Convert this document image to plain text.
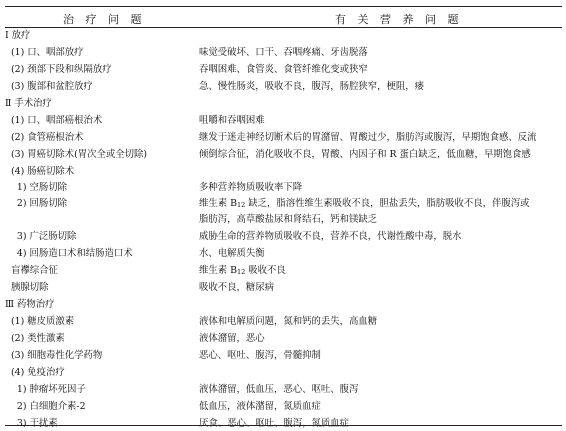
治 疗 问 题	有 关 营 养 问 题
Ⅰ 放疗
(1) 口、咽部放疗	味觉受破坏、口干、吞咽疼痛、牙齿脱落
(2) 颈部下段和纵隔放疗	吞咽困难、食管炎、食管纤维化变或狭窄
(3) 腹部和盆腔放疗	急、慢性肠炎，吸收不良，腹泻，肠腔狭窄，梗阻，瘘
Ⅱ 手术治疗
(1) 口、咽部癌根治术	咀嚼和吞咽困难
(2) 食管癌根治术	继发于迷走神经切断术后的胃潴留、胃酸过少，脂肪泻或腹泻，早期饱食感、反流
(3) 胃癌切除术(胃次全或全切除)	倾倒综合征，消化吸收不良，胃酸、内因子和 R 蛋白缺乏，低血糖，早期饱食感
(4) 肠癌切除术
1) 空肠切除	多种营养物质吸收率下降
2) 回肠切除	维生素 B12 缺乏，脂溶性维生素吸收不良，胆盐丢失，脂肪吸收不良，伴腹泻或
脂肪泻，高草酸盐尿和肾结石，钙和镁缺乏
3) 广泛肠切除	威胁生命的营养物质吸收不良，营养不良，代谢性酸中毒，脱水
4) 回肠造口术和结肠造口术	水、电解质失衡
盲襻综合征	维生素 B12 吸收不良
胰腺切除	吸收不良，糖尿病
Ⅲ 药物治疗
(1) 糖皮质激素	液体和电解质问题，氮和钙的丢失，高血糖
(2) 类性激素	液体潴留，恶心
(3) 细胞毒性化学药物	恶心、呕吐、腹泻，骨髓抑制
(4) 免疫治疗
1) 肿瘤坏死因子	液体潴留，低血压，恶心、呕吐、腹泻
2) 白细胞介素-2	低血压，液体潴留，氮质血症
3) 干扰素	厌食、恶心、呕吐、腹泻，氮质血症
